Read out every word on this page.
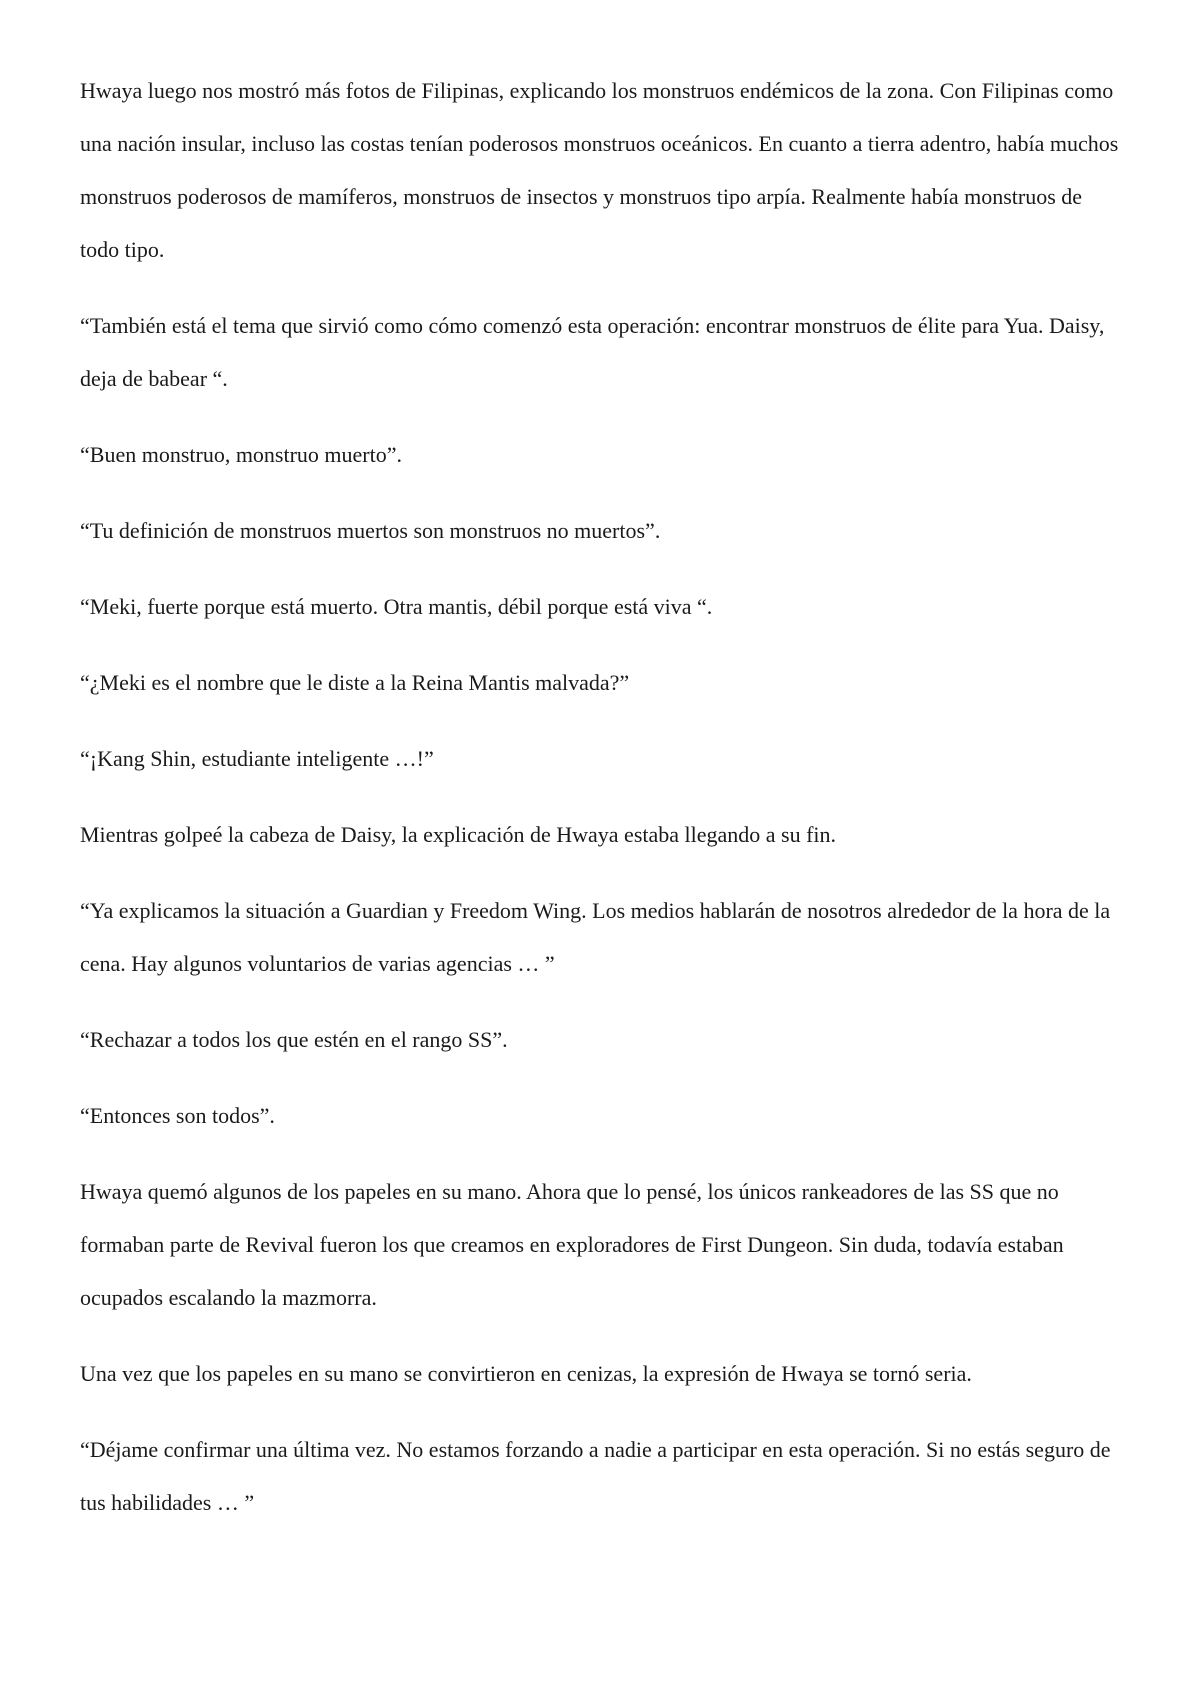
Hwaya luego nos mostró más fotos de Filipinas, explicando los monstruos endémicos de la zona. Con Filipinas como una nación insular, incluso las costas tenían poderosos monstruos oceánicos. En cuanto a tierra adentro, había muchos monstruos poderosos de mamíferos, monstruos de insectos y monstruos tipo arpía. Realmente había monstruos de todo tipo.

“También está el tema que sirvió como cómo comenzó esta operación: encontrar monstruos de élite para Yua. Daisy, deja de babear “.

“Buen monstruo, monstruo muerto”.

“Tu definición de monstruos muertos son monstruos no muertos”.

“Meki, fuerte porque está muerto. Otra mantis, débil porque está viva “.

“¿Meki es el nombre que le diste a la Reina Mantis malvada?”

“¡Kang Shin, estudiante inteligente …!”

Mientras golpeé la cabeza de Daisy, la explicación de Hwaya estaba llegando a su fin.

“Ya explicamos la situación a Guardian y Freedom Wing. Los medios hablarán de nosotros alrededor de la hora de la cena. Hay algunos voluntarios de varias agencias … ”

“Rechazar a todos los que estén en el rango SS”.

“Entonces son todos”.

Hwaya quemó algunos de los papeles en su mano. Ahora que lo pensé, los únicos rankeadores de las SS que no formaban parte de Revival fueron los que creamos en exploradores de First Dungeon. Sin duda, todavía estaban ocupados escalando la mazmorra.

Una vez que los papeles en su mano se convirtieron en cenizas, la expresión de Hwaya se tornó seria.

“Déjame confirmar una última vez. No estamos forzando a nadie a participar en esta operación. Si no estás seguro de tus habilidades … ”
